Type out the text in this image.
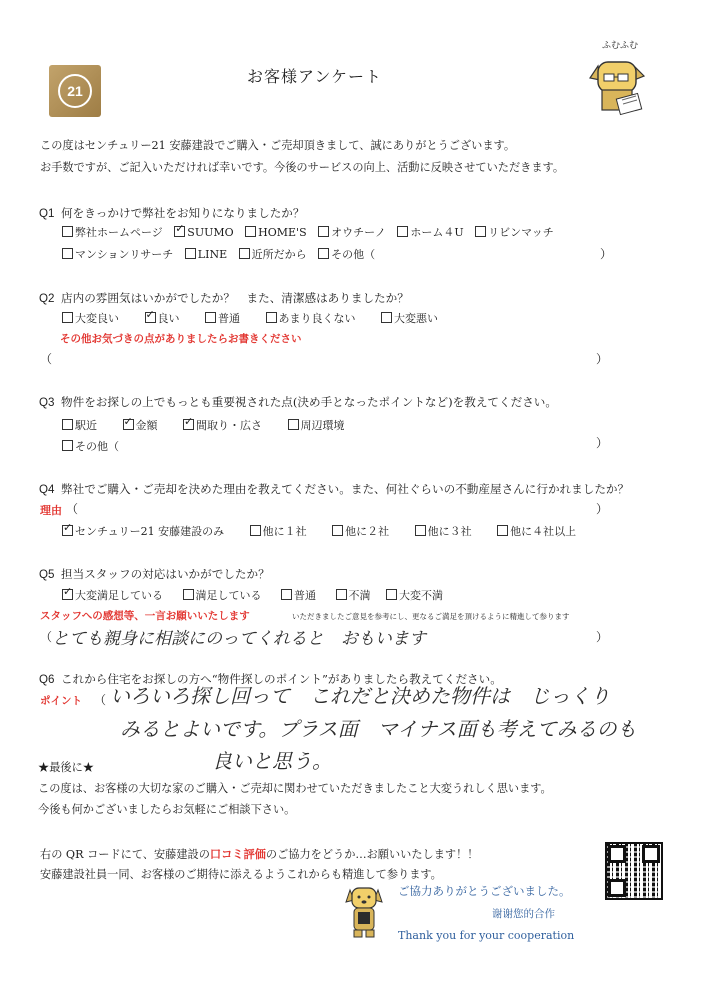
21
お客様アンケート
ふむふむ
この度はセンチュリー21 安藤建設でご購入・ご売却頂きまして、誠にありがとうございます。
お手数ですが、ご記入いただければ幸いです。今後のサービスの向上、活動に反映させていただきます。
Q1 何をきっかけで弊社をお知りになりましたか？
弊社ホームページ ✓ SUUMO HOME'S オウチーノ ホーム４U リビンマッチ
マンションリサーチ LINE 近所だから その他（	）
Q2 店内の雰囲気はいかがでしたか？　また、清潔感はありましたか？
大変良い ✓	良い	普通	あまり良くない	大変悪い
その他お気づきの点がありましたらお書きください
（	）
Q3 物件をお探しの上でもっとも重要視された点(決め手となったポイントなど)を教えてください。
駅近 ✓	金額 ✓	間取り・広さ	周辺環境
その他（	）
Q4 弊社でご購入・ご売却を決めた理由を教えてください。また、何社ぐらいの不動産屋さんに行かれましたか？
理由 （	）
✓センチュリー21 安藤建設のみ	他に１社	他に２社	他に３社	他に４社以上
Q5 担当スタッフの対応はいかがでしたか？
✓大変満足している	満足している	普通	不満	大変不満
スタッフへの感想等、一言お願いいたします	いただきましたご意見を参考にし、更なるご満足を頂けるように精進して参ります
（ とても親身に相談にのってくれると　おもいます	）
Q6 これから住宅をお探しの方へ“物件探しのポイント”がありましたら教えてください。
ポイント （ いろいろ探し回って　これだと決めた物件は　じっくり
みるとよいです。プラス面　マイナス面も考えてみるのも
良いと思う。
★最後に★
この度は、お客様の大切な家のご購入・ご売却に関わせていただきましたこと大変うれしく思います。
今後も何かございましたらお気軽にご相談下さい。
右の QR コードにて、安藤建設の口コミ評価のご協力をどうか…お願いいたします！！
安藤建設社員一同、お客様のご期待に添えるようこれからも精進して参ります。
ご協力ありがとうございました。
谢谢您的合作
Thank you for your cooperation
